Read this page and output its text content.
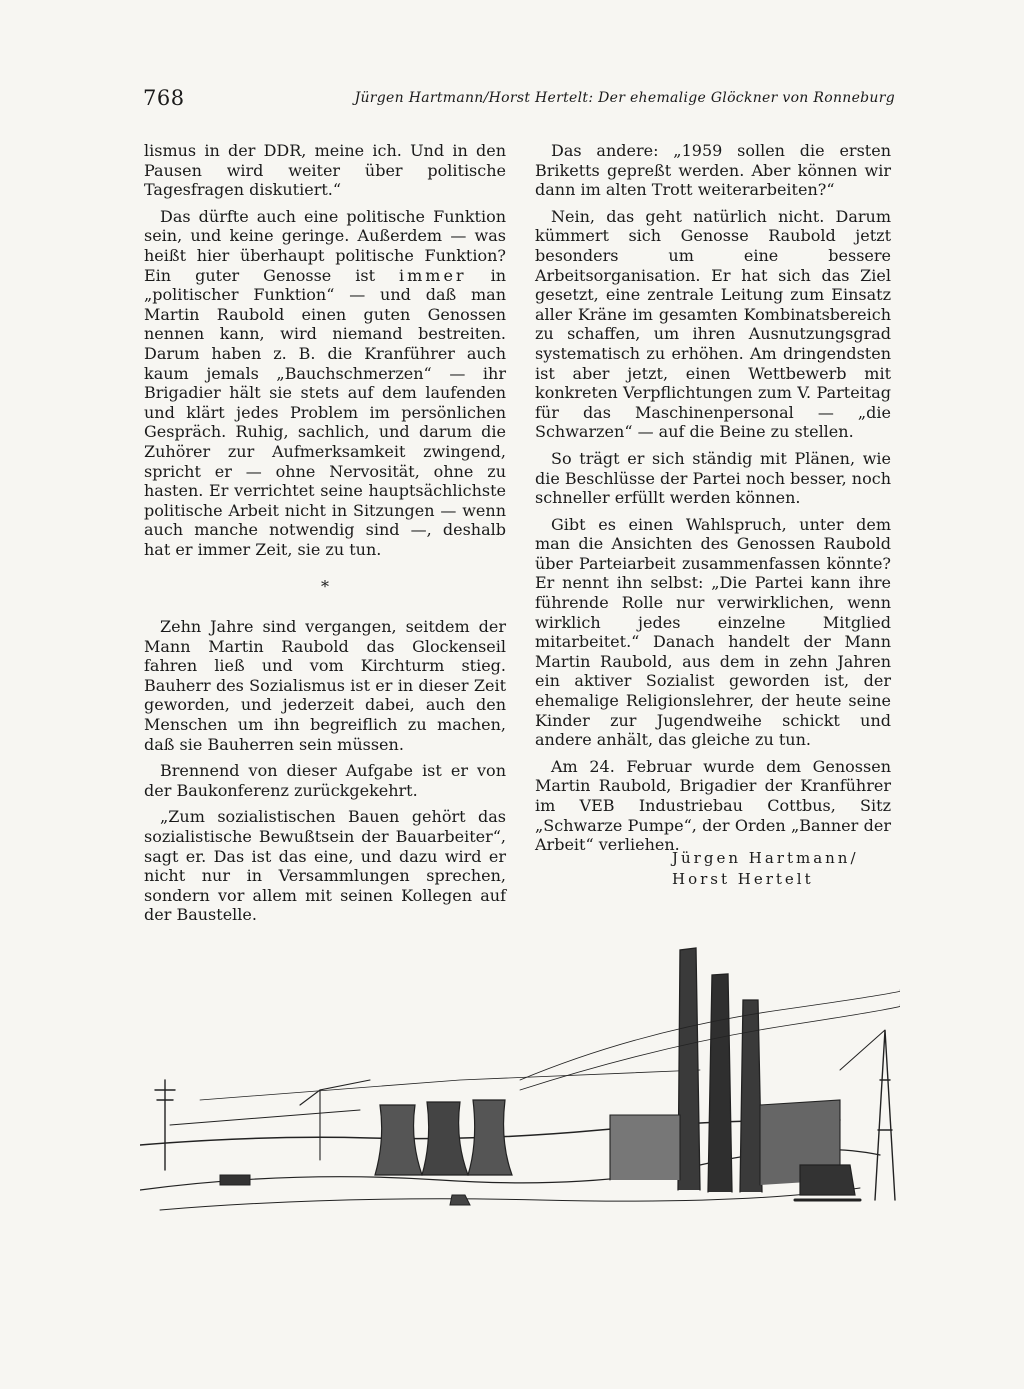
768	Jürgen Hartmann/Horst Hertelt: Der ehemalige Glöckner von Ronneburg

lismus in der DDR, meine ich. Und in den Pausen wird weiter über politische Tagesfragen diskutiert.“

Das dürfte auch eine politische Funktion sein, und keine geringe. Außerdem — was heißt hier überhaupt politische Funktion? Ein guter Genosse ist immer in „politischer Funktion“ — und daß man Martin Raubold einen guten Genossen nennen kann, wird niemand bestreiten. Darum haben z. B. die Kranführer auch kaum jemals „Bauchschmerzen“ — ihr Brigadier hält sie stets auf dem laufenden und klärt jedes Problem im persönlichen Gespräch. Ruhig, sachlich, und darum die Zuhörer zur Aufmerksamkeit zwingend, spricht er — ohne Nervosität, ohne zu hasten. Er verrichtet seine hauptsächlichste politische Arbeit nicht in Sitzungen — wenn auch manche notwendig sind —, deshalb hat er immer Zeit, sie zu tun.

*

Zehn Jahre sind vergangen, seitdem der Mann Martin Raubold das Glockenseil fahren ließ und vom Kirchturm stieg. Bauherr des Sozialismus ist er in dieser Zeit geworden, und jederzeit dabei, auch den Menschen um ihn begreiflich zu machen, daß sie Bauherren sein müssen.

Brennend von dieser Aufgabe ist er von der Baukonferenz zurückgekehrt.

„Zum sozialistischen Bauen gehört das sozialistische Bewußtsein der Bauarbeiter“, sagt er. Das ist das eine, und dazu wird er nicht nur in Versammlungen sprechen, sondern vor allem mit seinen Kollegen auf der Baustelle.

Das andere: „1959 sollen die ersten Briketts gepreßt werden. Aber können wir dann im alten Trott weiterarbeiten?“

Nein, das geht natürlich nicht. Darum kümmert sich Genosse Raubold jetzt besonders um eine bessere Arbeitsorganisation. Er hat sich das Ziel gesetzt, eine zentrale Leitung zum Einsatz aller Kräne im gesamten Kombinatsbereich zu schaffen, um ihren Ausnutzungsgrad systematisch zu erhöhen. Am dringendsten ist aber jetzt, einen Wettbewerb mit konkreten Verpflichtungen zum V. Parteitag für das Maschinenpersonal — „die Schwarzen“ — auf die Beine zu stellen.

So trägt er sich ständig mit Plänen, wie die Beschlüsse der Partei noch besser, noch schneller erfüllt werden können.

Gibt es einen Wahlspruch, unter dem man die Ansichten des Genossen Raubold über Parteiarbeit zusammenfassen könnte? Er nennt ihn selbst: „Die Partei kann ihre führende Rolle nur verwirklichen, wenn wirklich jedes einzelne Mitglied mitarbeitet.“ Danach handelt der Mann Martin Raubold, aus dem in zehn Jahren ein aktiver Sozialist geworden ist, der ehemalige Religionslehrer, der heute seine Kinder zur Jugendweihe schickt und andere anhält, das gleiche zu tun.

Am 24. Februar wurde dem Genossen Martin Raubold, Brigadier der Kranführer im VEB Industriebau Cottbus, Sitz „Schwarze Pumpe“, der Orden „Banner der Arbeit“ verliehen.

Jürgen Hartmann/
Horst Hertelt
